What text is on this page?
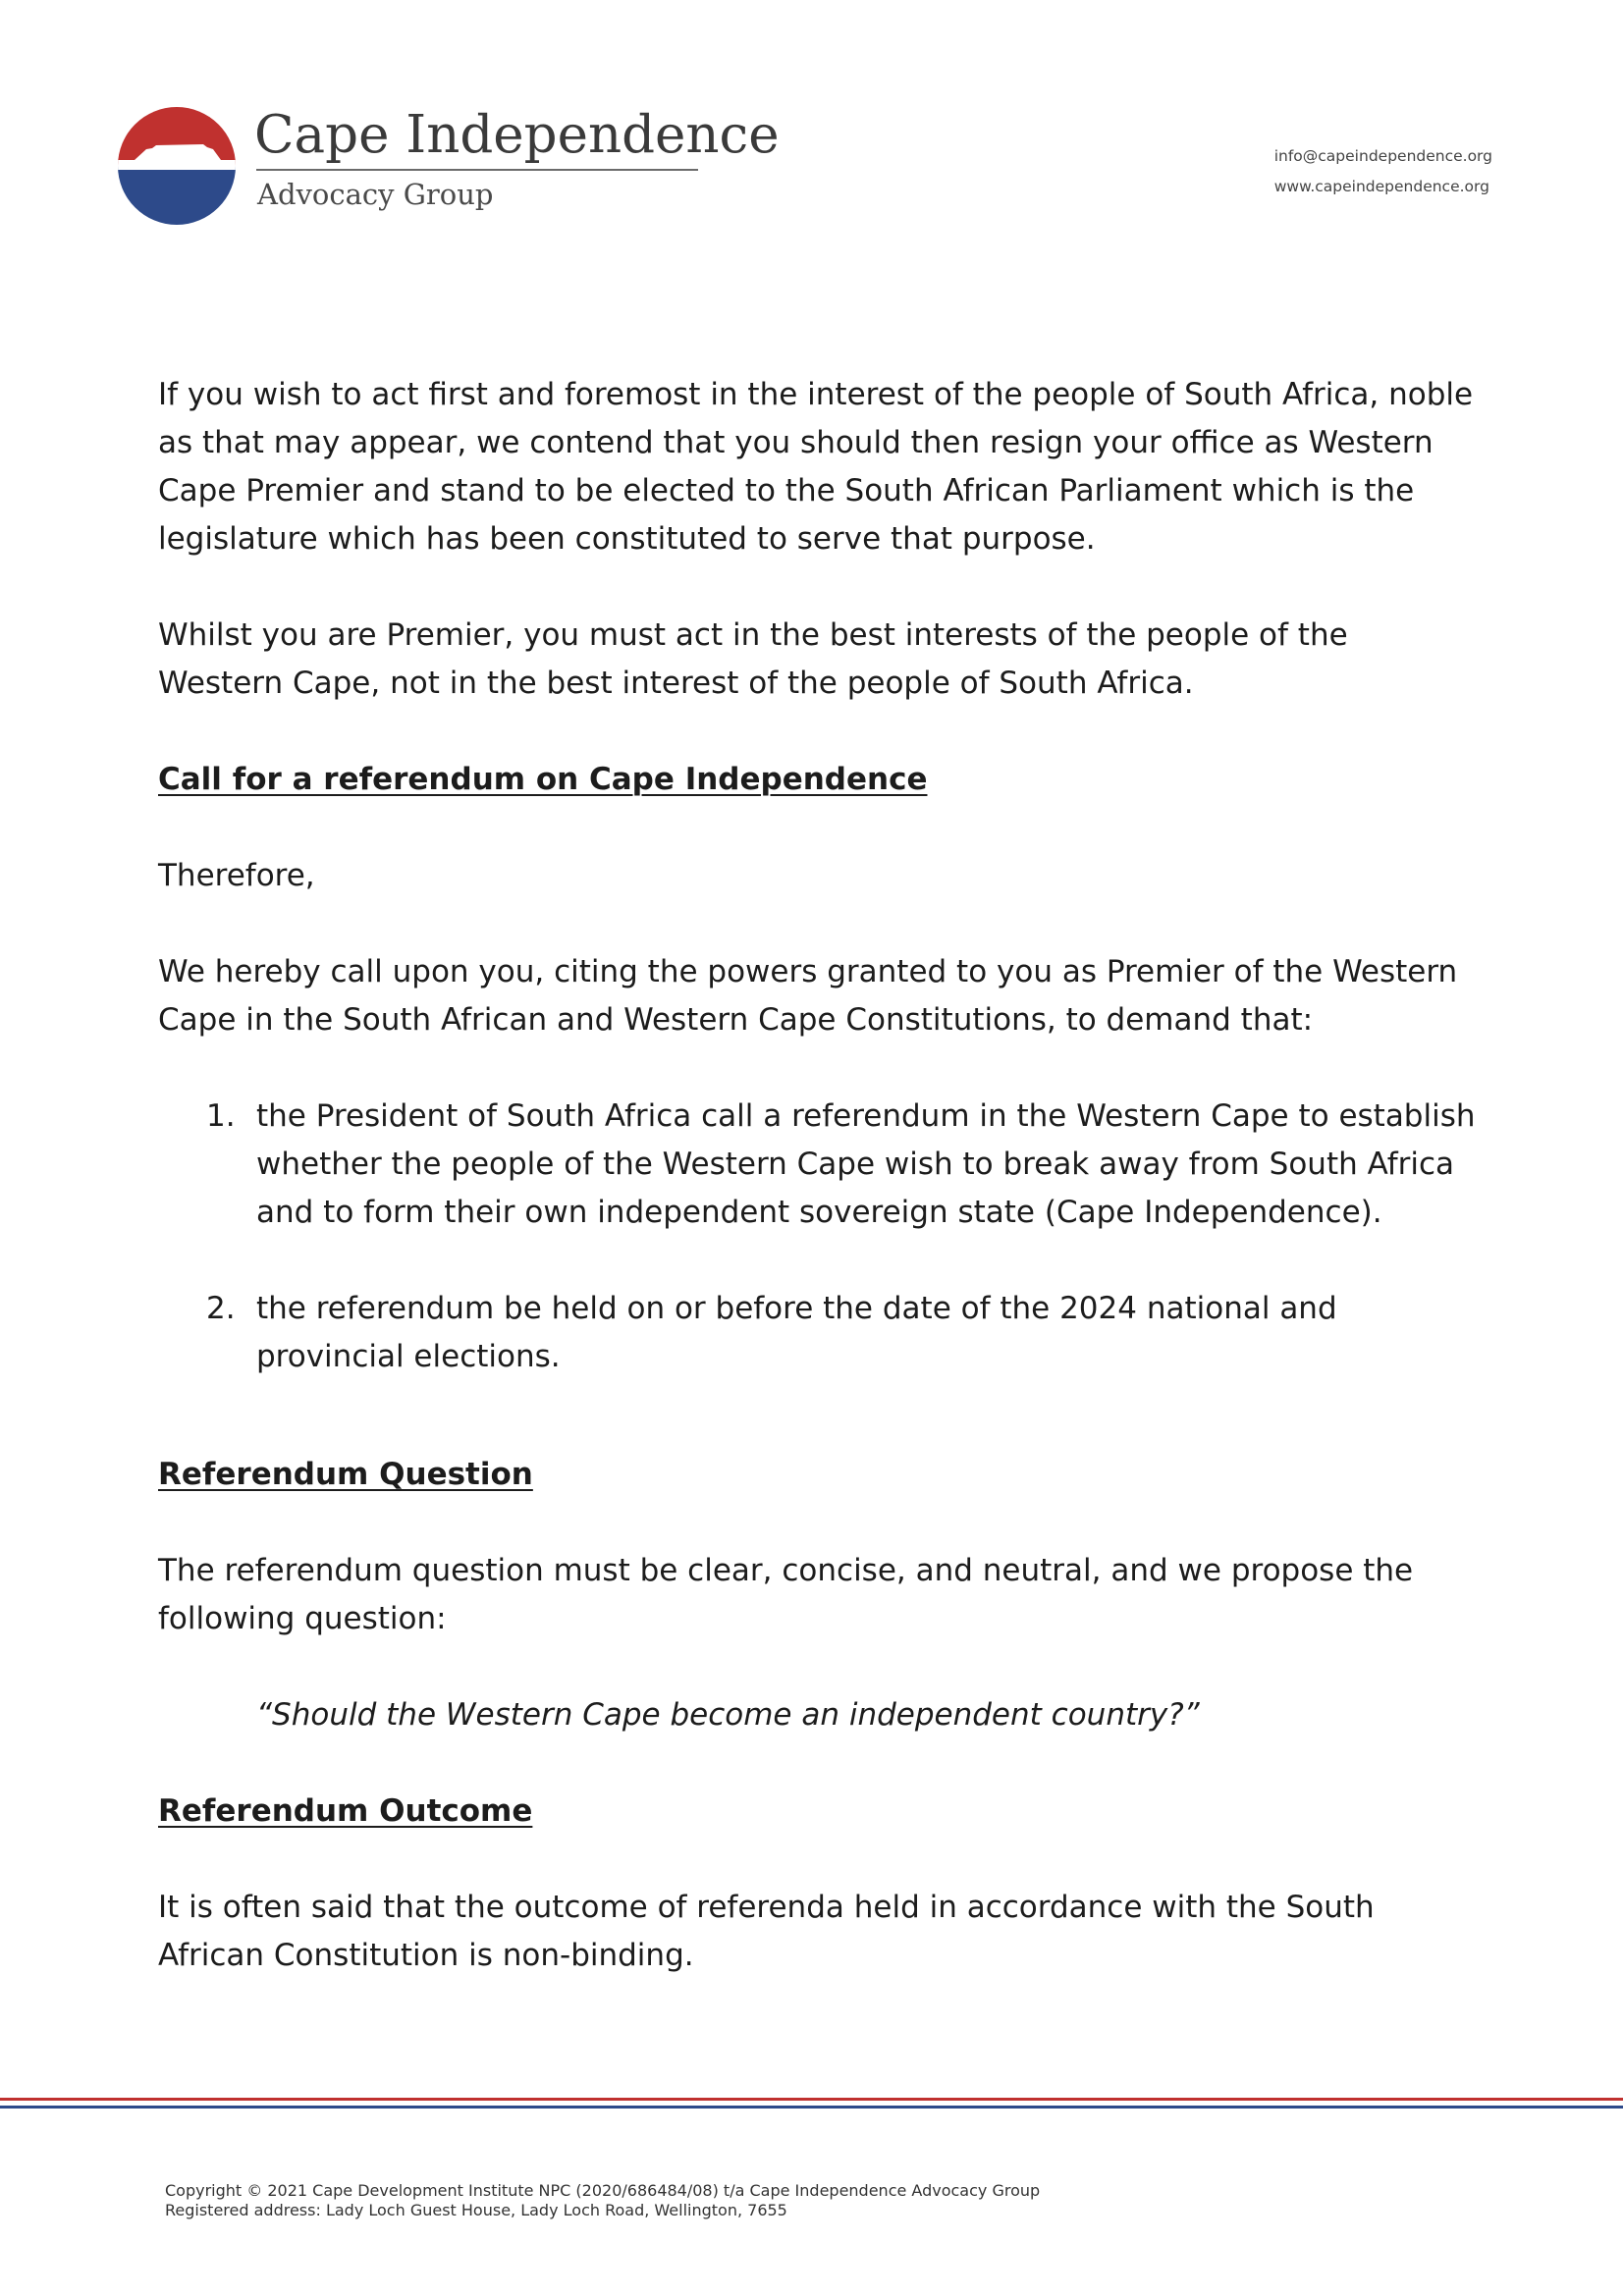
Cape Independence
Advocacy Group
info@capeindependence.org
www.capeindependence.org

If you wish to act first and foremost in the interest of the people of South Africa, noble
as that may appear, we contend that you should then resign your office as Western
Cape Premier and stand to be elected to the South African Parliament which is the
legislature which has been constituted to serve that purpose.

Whilst you are Premier, you must act in the best interests of the people of the
Western Cape, not in the best interest of the people of South Africa.

Call for a referendum on Cape Independence

Therefore,

We hereby call upon you, citing the powers granted to you as Premier of the Western
Cape in the South African and Western Cape Constitutions, to demand that:

1. the President of South Africa call a referendum in the Western Cape to establish
whether the people of the Western Cape wish to break away from South Africa
and to form their own independent sovereign state (Cape Independence).

2. the referendum be held on or before the date of the 2024 national and
provincial elections.

Referendum Question

The referendum question must be clear, concise, and neutral, and we propose the
following question:

“Should the Western Cape become an independent country?”

Referendum Outcome

It is often said that the outcome of referenda held in accordance with the South
African Constitution is non-binding.

Copyright © 2021 Cape Development Institute NPC (2020/686484/08) t/a Cape Independence Advocacy Group
Registered address: Lady Loch Guest House, Lady Loch Road, Wellington, 7655
